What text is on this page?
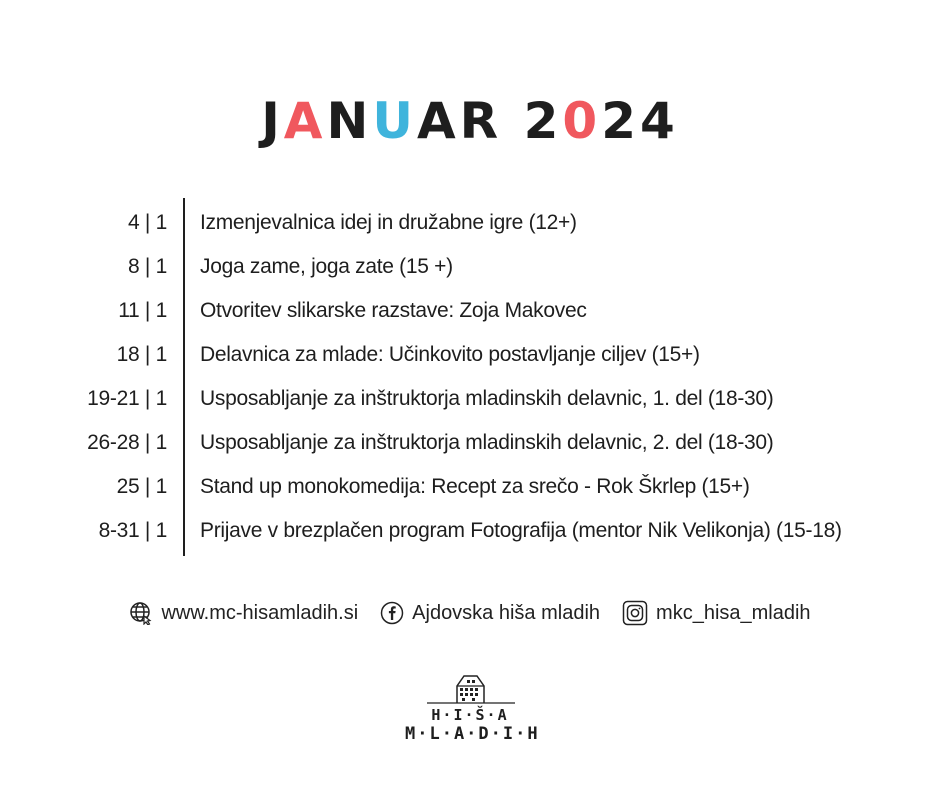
JANUAR 2024
4 | 1
8 | 1
11 | 1
18 | 1
19-21 | 1
26-28 | 1
25 | 1
8-31 | 1
Izmenjevalnica idej in družabne igre (12+)
Joga zame, joga zate (15 +)
Otvoritev slikarske razstave: Zoja Makovec
Delavnica za mlade: Učinkovito postavljanje ciljev (15+)
Usposabljanje za inštruktorja mladinskih delavnic, 1. del (18-30)
Usposabljanje za inštruktorja mladinskih delavnic, 2. del (18-30)
Stand up monokomedija: Recept za srečo - Rok Škrlep (15+)
Prijave v brezplačen program Fotografija (mentor Nik Velikonja) (15-18)
www.mc-hisamladih.si	Ajdovska hiša mladih	mkc_hisa_mladih
H·I·Š·A
M·L·A·D·I·H
